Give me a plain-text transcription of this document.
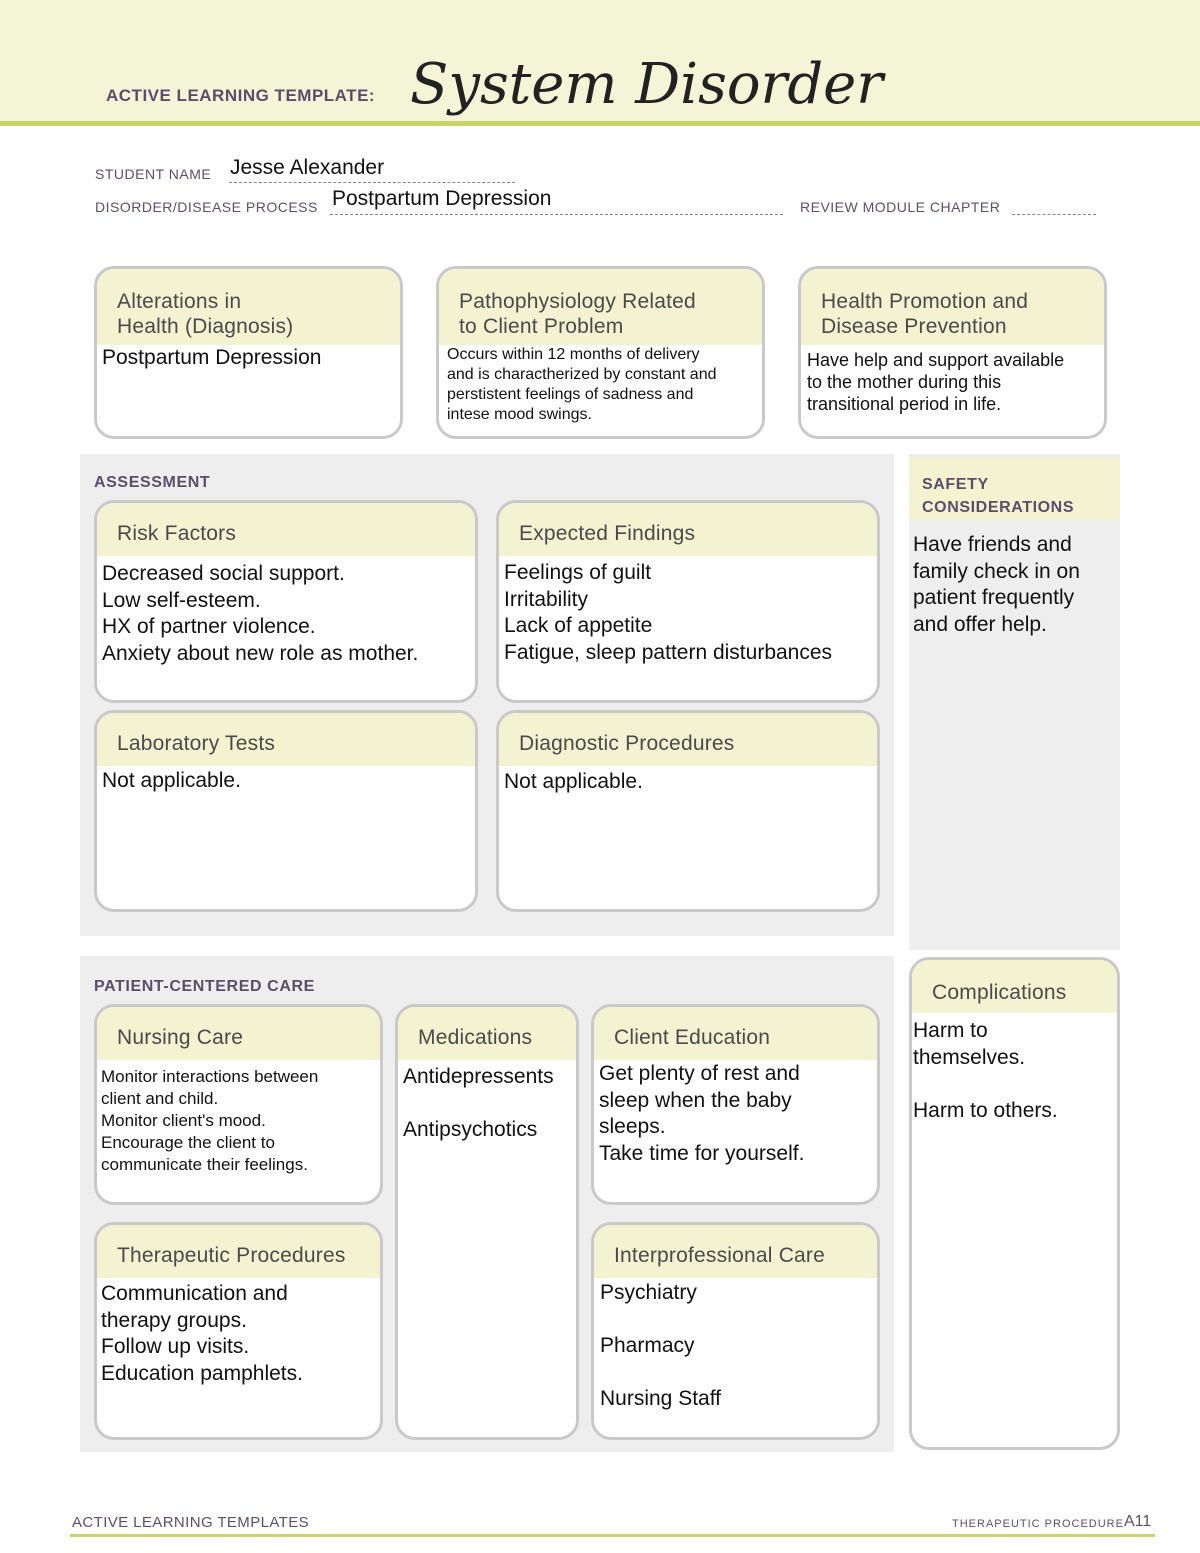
ACTIVE LEARNING TEMPLATE: System Disorder
STUDENT NAME Jesse Alexander
DISORDER/DISEASE PROCESS Postpartum Depression	REVIEW MODULE CHAPTER
Alterations in
Health (Diagnosis)
Postpartum Depression
Pathophysiology Related
to Client Problem
Occurs within 12 months of delivery
and is charactherized by constant and
perstistent feelings of sadness and
intese mood swings.
Health Promotion and
Disease Prevention
Have help and support available
to the mother during this
transitional period in life.
ASSESSMENT
Risk Factors
Decreased social support.
Low self-esteem.
HX of partner violence.
Anxiety about new role as mother.
Expected Findings
Feelings of guilt
Irritability
Lack of appetite
Fatigue, sleep pattern disturbances
Laboratory Tests
Not applicable.
Diagnostic Procedures
Not applicable.
SAFETY
CONSIDERATIONS
Have friends and
family check in on
patient frequently
and offer help.
PATIENT-CENTERED CARE
Nursing Care
Monitor interactions between
client and child.
Monitor client's mood.
Encourage the client to
communicate their feelings.
Medications
Antidepressents

Antipsychotics
Client Education
Get plenty of rest and
sleep when the baby
sleeps.
Take time for yourself.
Therapeutic Procedures
Communication and
therapy groups.
Follow up visits.
Education pamphlets.
Interprofessional Care
Psychiatry

Pharmacy

Nursing Staff
Complications
Harm to
themselves.

Harm to others.
ACTIVE LEARNING TEMPLATES	THERAPEUTIC PROCEDURE A11
